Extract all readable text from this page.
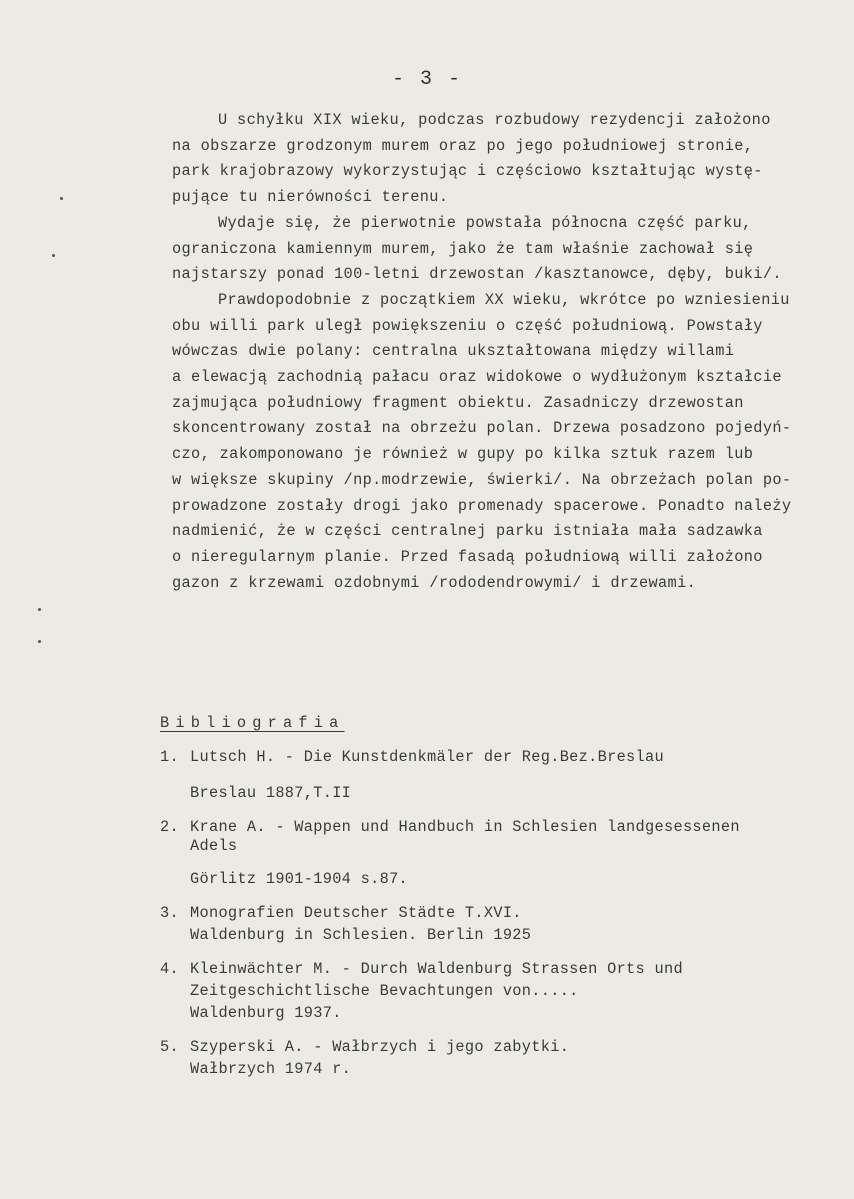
- 3 -
U schyłku XIX wieku, podczas rozbudowy rezydencji założono
na obszarze grodzonym murem oraz po jego południowej stronie,
park krajobrazowy wykorzystując i częściowo kształtując wystę-
pujące tu nierówności terenu.
Wydaje się, że pierwotnie powstała północna część parku,
ograniczona kamiennym murem, jako że tam właśnie zachował się
najstarszy ponad 100-letni drzewostan /kasztanowce, dęby, buki/.
Prawdopodobnie z początkiem XX wieku, wkrótce po wzniesieniu
obu willi park uległ powiększeniu o część południową. Powstały
wówczas dwie polany: centralna ukształtowana między willami
a elewacją zachodnią pałacu oraz widokowe o wydłużonym kształcie
zajmująca południowy fragment obiektu. Zasadniczy drzewostan
skoncentrowany został na obrzeżu polan. Drzewa posadzono pojedyń-
czo, zakomponowano je również w gupy po kilka sztuk razem lub
w większe skupiny /np.modrzewie, świerki/. Na obrzeżach polan po-
prowadzone zostały drogi jako promenady spacerowe. Ponadto należy
nadmienić, że w części centralnej parku istniała mała sadzawka
o nieregularnym planie. Przed fasadą południową willi założono
gazon z krzewami ozdobnymi /rododendrowymi/ i drzewami.
Bibliografia
1. Lutsch H. - Die Kunstdenkmäler der Reg.Bez.Breslau
Breslau 1887,T.II
2. Krane A. - Wappen und Handbuch in Schlesien landgesessenen
Adels
Görlitz 1901-1904 s.87.
3. Monografien Deutscher Städte T.XVI.
Waldenburg in Schlesien. Berlin 1925
4. Kleinwächter M. - Durch Waldenburg Strassen Orts und
Zeitgeschichtlische Bevachtungen von.....
Waldenburg 1937.
5. Szyperski A. - Wałbrzych i jego zabytki.
Wałbrzych 1974 r.
